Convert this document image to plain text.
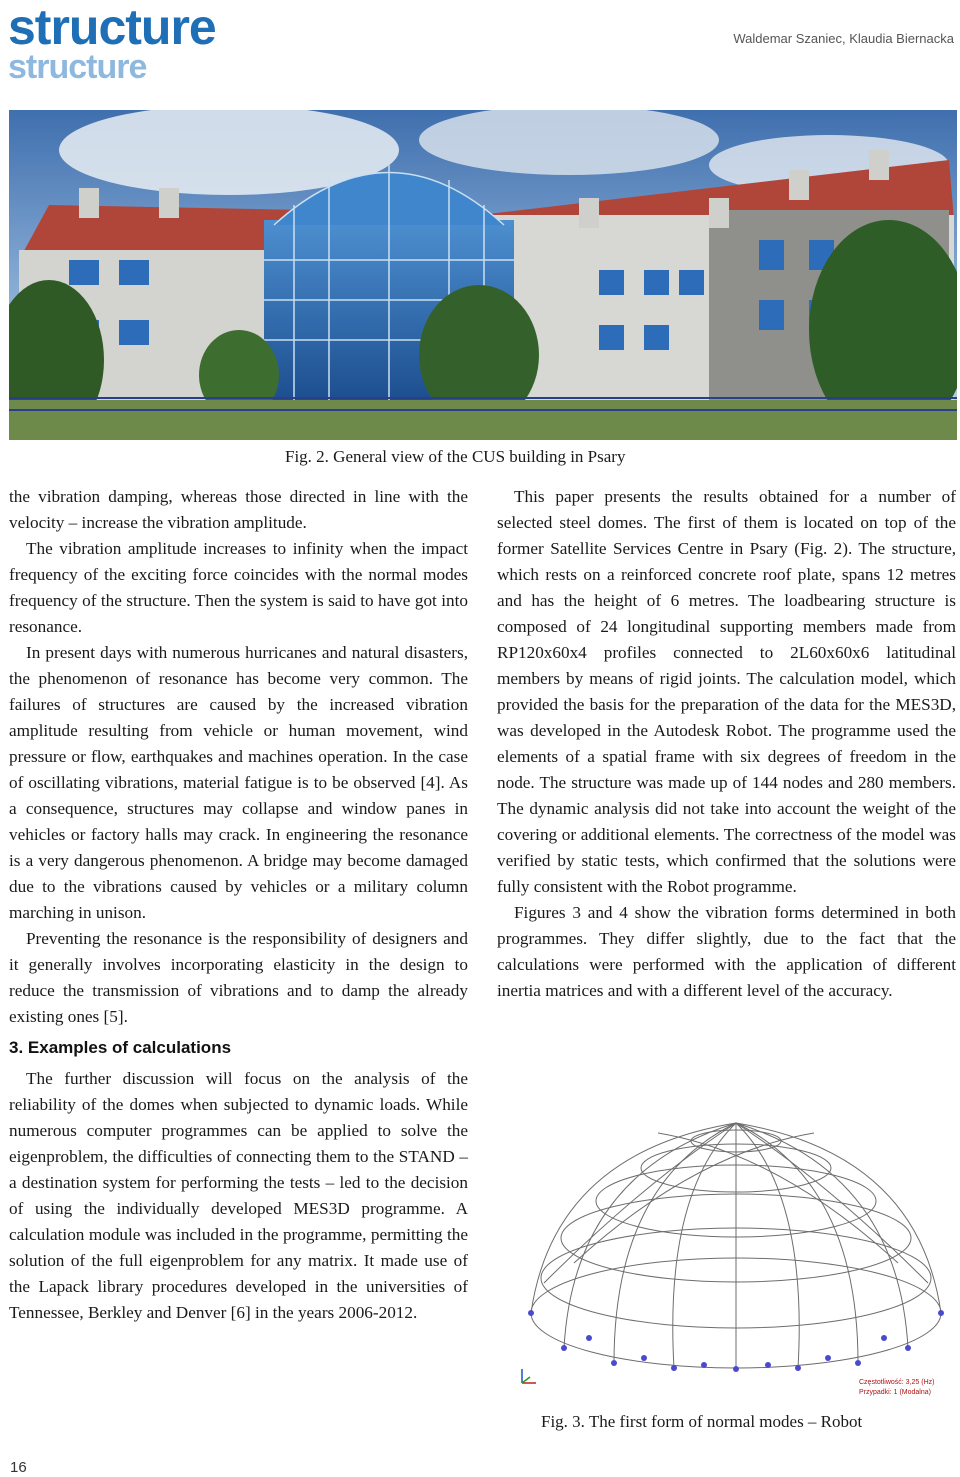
structure
structure
Waldemar Szaniec, Klaudia Biernacka
Fig. 2. General view of the CUS building in Psary

the vibration damping, whereas those directed in line with the velocity – increase the vibration amplitude.

The vibration amplitude increases to infinity when the impact frequency of the exciting force coincides with the normal modes frequency of the structure. Then the system is said to have got into resonance.

In present days with numerous hurricanes and natural disasters, the phenomenon of resonance has become very common. The failures of structures are caused by the increased vibration amplitude resulting from vehicle or human movement, wind pressure or flow, earthquakes and machines operation. In the case of oscillating vibrations, material fatigue is to be observed [4]. As a consequence, structures may collapse and window panes in vehicles or factory halls may crack. In engineering the resonance is a very dangerous phenomenon. A bridge may become damaged due to the vibrations caused by vehicles or a military column marching in unison.

Preventing the resonance is the responsibility of designers and it generally involves incorporating elasticity in the design to reduce the transmission of vibrations and to damp the already existing ones [5].

3. Examples of calculations

The further discussion will focus on the analysis of the reliability of the domes when subjected to dynamic loads. While numerous computer programmes can be applied to solve the eigenproblem, the difficulties of connecting them to the STAND – a destination system for performing the tests – led to the decision of using the individually developed MES3D programme. A calculation module was included in the programme, permitting the solution of the full eigenproblem for any matrix. It made use of the Lapack library procedures developed in the universities of Tennessee, Berkley and Denver [6] in the years 2006-2012.

This paper presents the results obtained for a number of selected steel domes. The first of them is located on top of the former Satellite Services Centre in Psary (Fig. 2). The structure, which rests on a reinforced concrete roof plate, spans 12 metres and has the height of 6 metres. The loadbearing structure is composed of 24 longitudinal supporting members made from RP120x60x4 profiles connected to 2L60x60x6 latitudinal members by means of rigid joints. The calculation model, which provided the basis for the preparation of the data for the MES3D, was developed in the Autodesk Robot. The programme used the elements of a spatial frame with six degrees of freedom in the node. The structure was made up of 144 nodes and 280 members. The dynamic analysis did not take into account the weight of the covering or additional elements. The correctness of the model was verified by static tests, which confirmed that the solutions were fully consistent with the Robot programme.

Figures 3 and 4 show the vibration forms determined in both programmes. They differ slightly, due to the fact that the calculations were performed with the application of different inertia matrices and with a different level of the accuracy.

Częstotliwość: 3,25 (Hz)
Przypadki: 1 (Modalna)
Fig. 3. The first form of normal modes – Robot
16
